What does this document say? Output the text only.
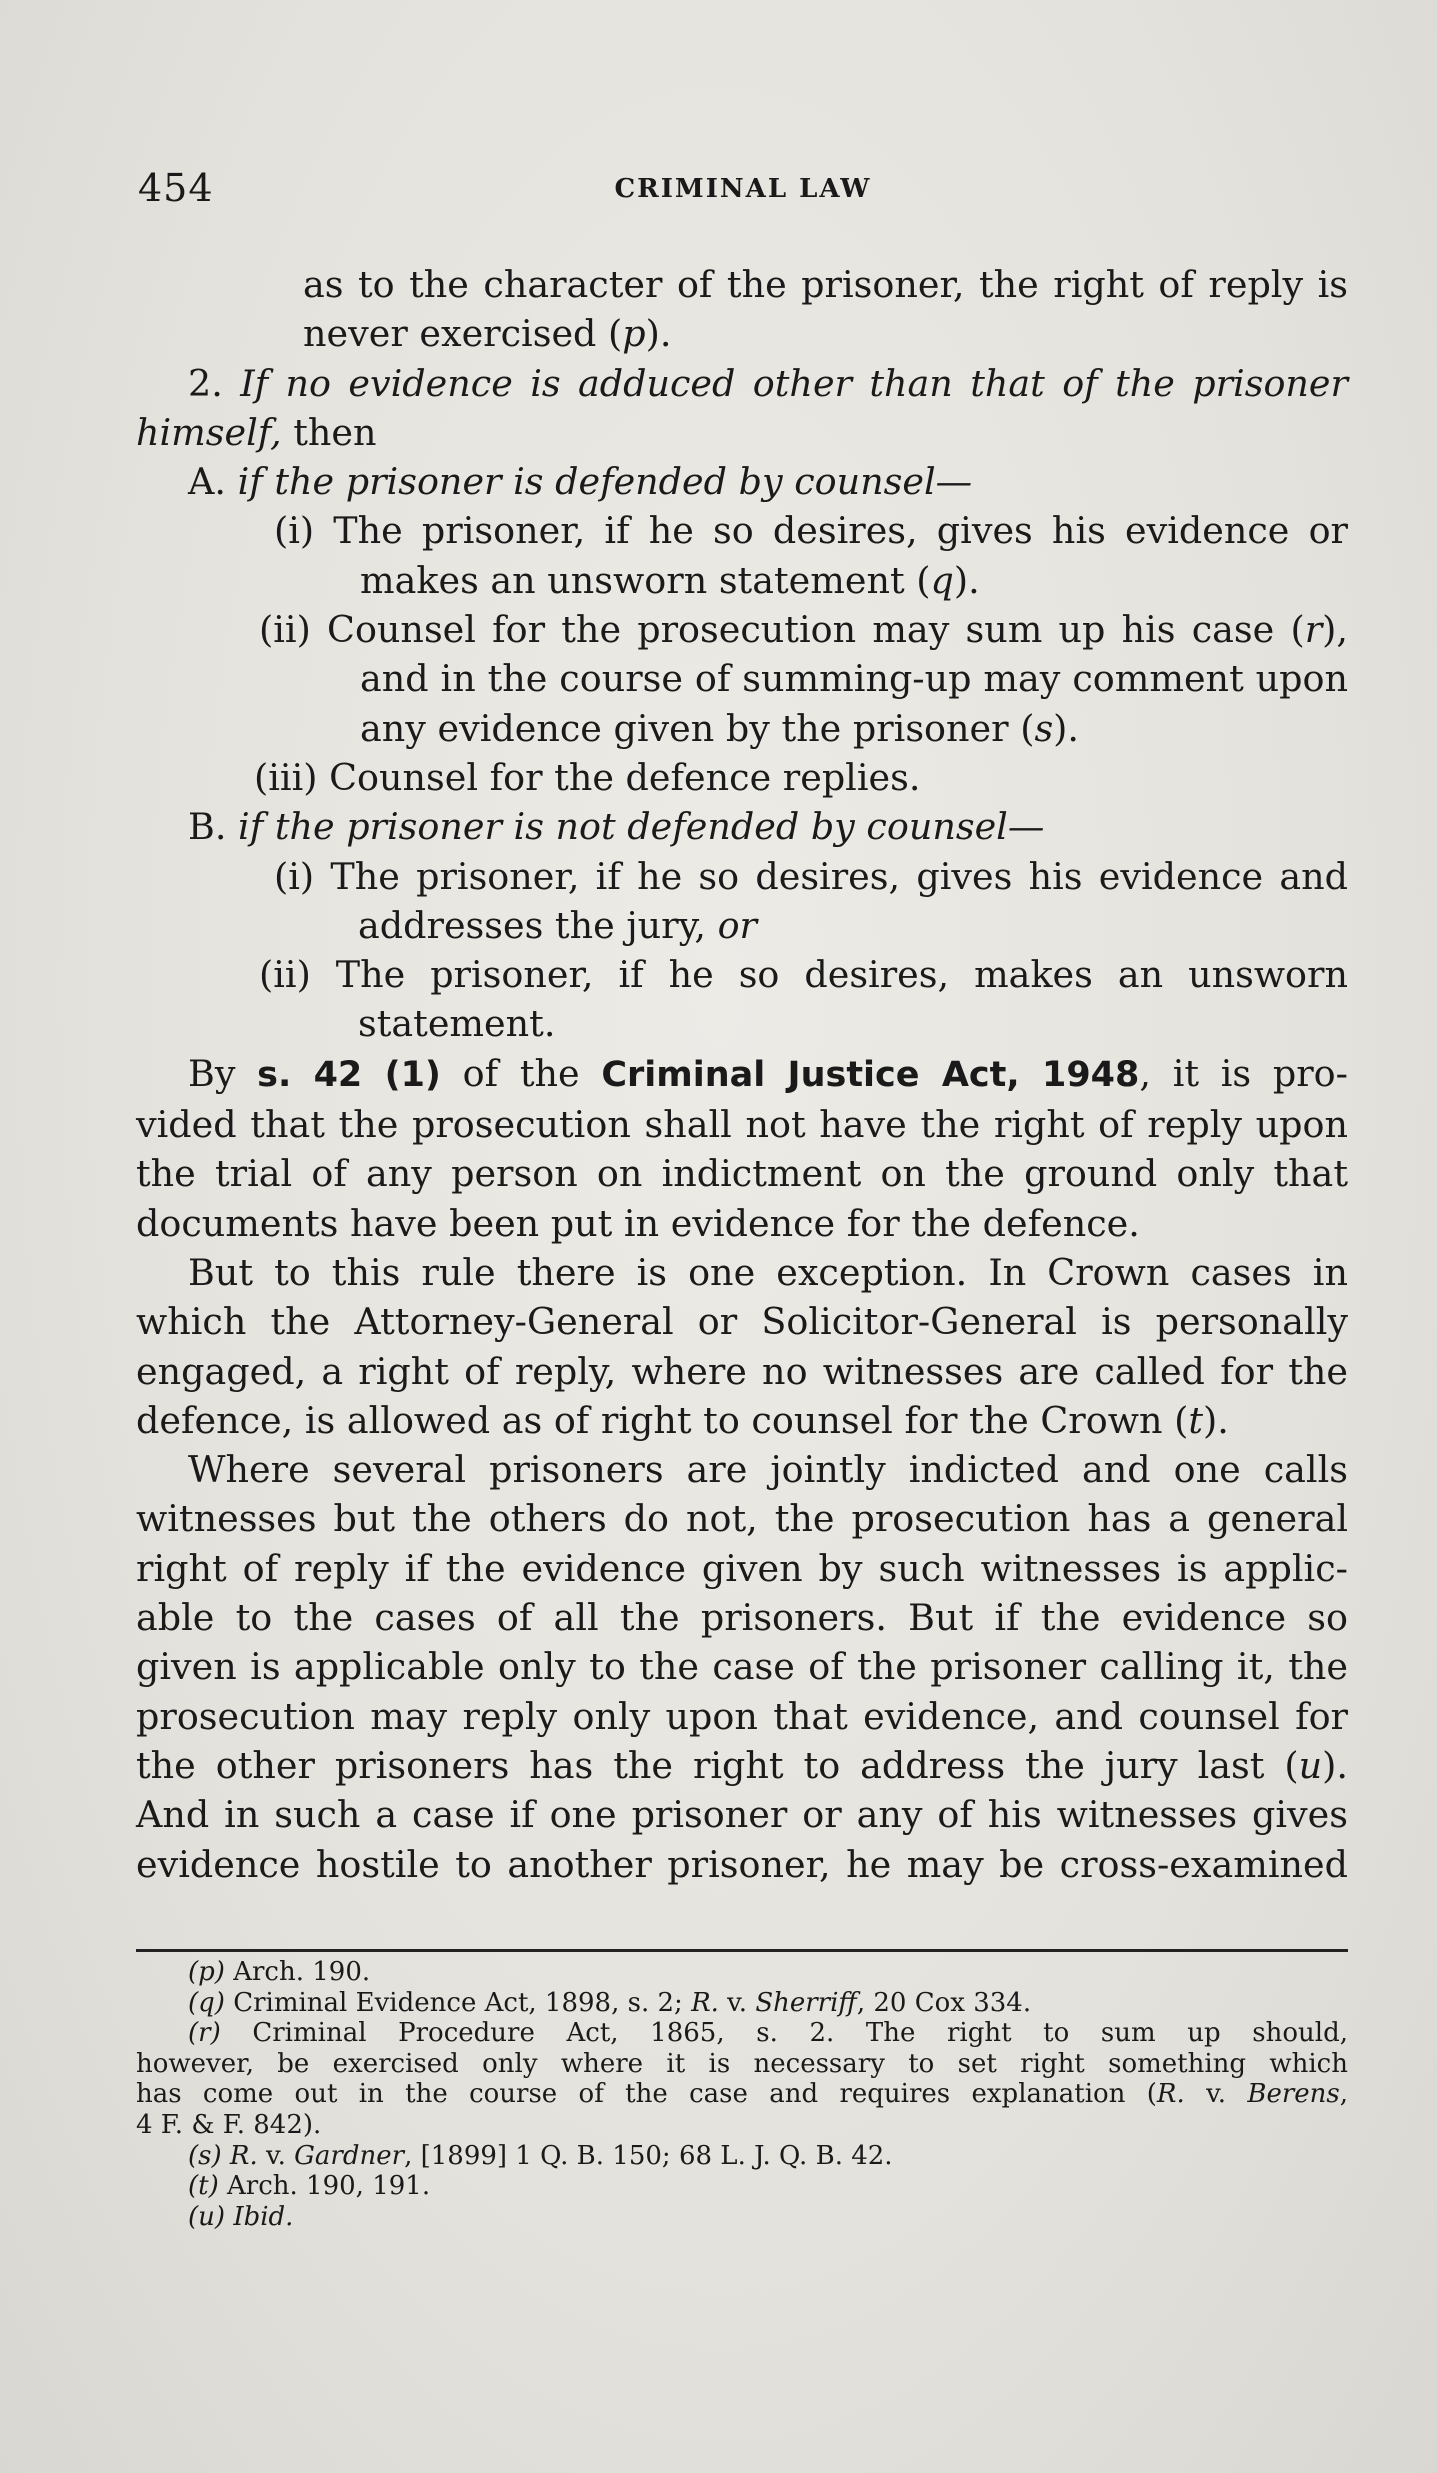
454	CRIMINAL LAW
as to the character of the prisoner, the right of reply is
never exercised (p).
2. If no evidence is adduced other than that of the prisoner
himself, then
A. if the prisoner is defended by counsel—
(i) The prisoner, if he so desires, gives his evidence or
makes an unsworn statement (q).
(ii) Counsel for the prosecution may sum up his case (r),
and in the course of summing-up may comment upon
any evidence given by the prisoner (s).
(iii) Counsel for the defence replies.
B. if the prisoner is not defended by counsel—
(i) The prisoner, if he so desires, gives his evidence and
addresses the jury, or
(ii) The prisoner, if he so desires, makes an unsworn
statement.
By s. 42 (1) of the Criminal Justice Act, 1948, it is pro-
vided that the prosecution shall not have the right of reply upon
the trial of any person on indictment on the ground only that
documents have been put in evidence for the defence.
But to this rule there is one exception. In Crown cases in
which the Attorney-General or Solicitor-General is personally
engaged, a right of reply, where no witnesses are called for the
defence, is allowed as of right to counsel for the Crown (t).
Where several prisoners are jointly indicted and one calls
witnesses but the others do not, the prosecution has a general
right of reply if the evidence given by such witnesses is applic-
able to the cases of all the prisoners. But if the evidence so
given is applicable only to the case of the prisoner calling it, the
prosecution may reply only upon that evidence, and counsel for
the other prisoners has the right to address the jury last (u).
And in such a case if one prisoner or any of his witnesses gives
evidence hostile to another prisoner, he may be cross-examined
(p) Arch. 190.
(q) Criminal Evidence Act, 1898, s. 2; R. v. Sherriff, 20 Cox 334.
(r) Criminal Procedure Act, 1865, s. 2. The right to sum up should,
however, be exercised only where it is necessary to set right something which
has come out in the course of the case and requires explanation (R. v. Berens,
4 F. & F. 842).
(s) R. v. Gardner, [1899] 1 Q. B. 150; 68 L. J. Q. B. 42.
(t) Arch. 190, 191.
(u) Ibid.
